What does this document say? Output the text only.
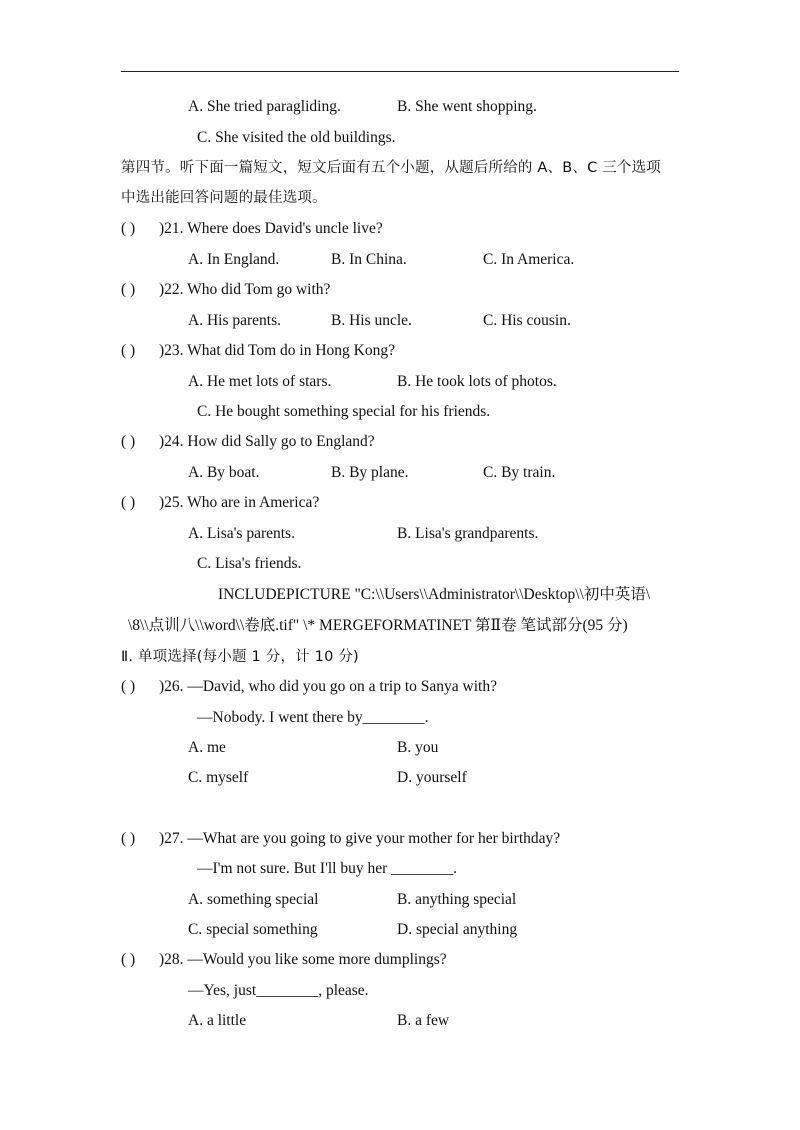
A. She tried paragliding.	B. She went shopping.
C. She visited the old buildings.
第四节。听下面一篇短文，短文后面有五个小题，从题后所给的 A、B、C 三个选项
中选出能回答问题的最佳选项。
( ) )21. Where does David's uncle live?
A. In England.	B. In China.	C. In America.
( ) )22. Who did Tom go with?
A. His parents.	B. His uncle.	C. His cousin.
( ) )23. What did Tom do in Hong Kong?
A. He met lots of stars.	B. He took lots of photos.
C. He bought something special for his friends.
( ) )24. How did Sally go to England?
A. By boat.	B. By plane.	C. By train.
( ) )25. Who are in America?
A. Lisa's parents.	B. Lisa's grandparents.
C. Lisa's friends.
INCLUDEPICTURE "C:\\Users\\Administrator\\Desktop\\初中英语\
\8\\点训八\\word\\卷底.tif" \* MERGEFORMATINET 第Ⅱ卷 笔试部分(95 分)
Ⅱ. 单项选择(每小题 1 分，计 10 分)
( ) )26. —David, who did you go on a trip to Sanya with?
—Nobody. I went there by________.
A. me	B. you
C. myself	D. yourself
( ) )27. —What are you going to give your mother for her birthday?
—I'm not sure. But I'll buy her ________.
A. something special	B. anything special
C. special something	D. special anything
( ) )28. —Would you like some more dumplings?
—Yes, just________, please.
A. a little	B. a few
